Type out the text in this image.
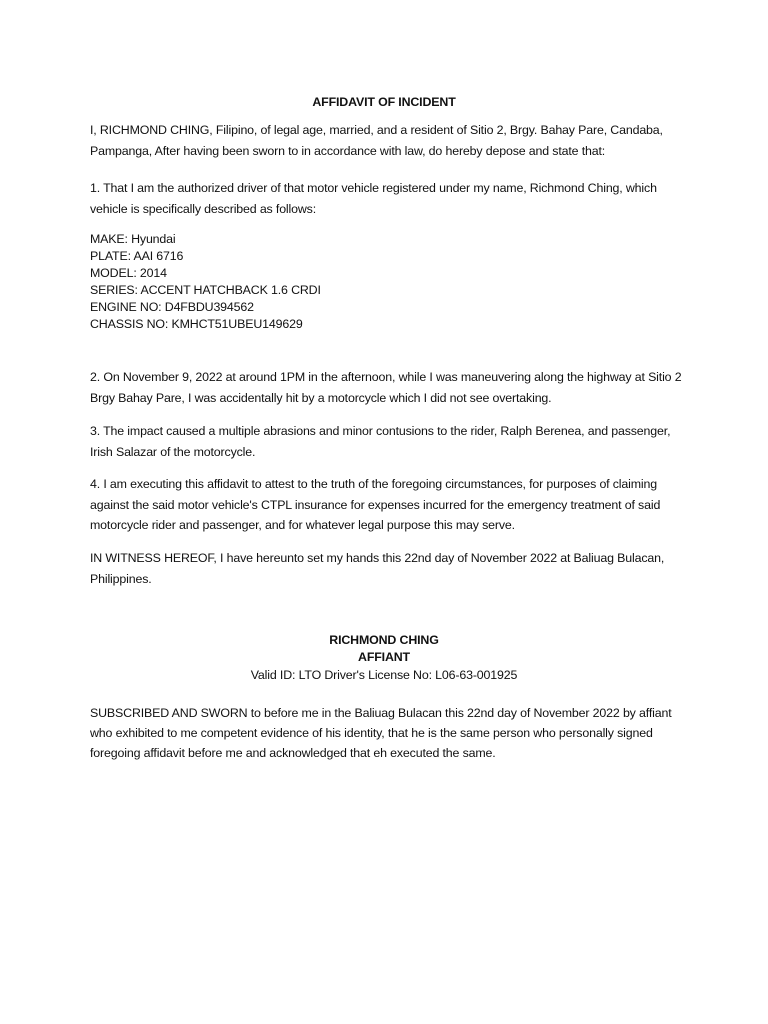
AFFIDAVIT OF INCIDENT

I, RICHMOND CHING, Filipino, of legal age, married, and a resident of Sitio 2, Brgy. Bahay Pare, Candaba, Pampanga, After having been sworn to in accordance with law, do hereby depose and state that:

1. That I am the authorized driver of that motor vehicle registered under my name, Richmond Ching, which vehicle is specifically described as follows:

MAKE: Hyundai
PLATE: AAI 6716
MODEL: 2014
SERIES: ACCENT HATCHBACK 1.6 CRDI
ENGINE NO: D4FBDU394562
CHASSIS NO: KMHCT51UBEU149629

2. On November 9, 2022 at around 1PM in the afternoon, while I was maneuvering along the highway at Sitio 2 Brgy Bahay Pare, I was accidentally hit by a motorcycle which I did not see overtaking.

3. The impact caused a multiple abrasions and minor contusions to the rider, Ralph Berenea, and passenger, Irish Salazar of the motorcycle.

4. I am executing this affidavit to attest to the truth of the foregoing circumstances, for purposes of claiming against the said motor vehicle's CTPL insurance for expenses incurred for the emergency treatment of said motorcycle rider and passenger, and for whatever legal purpose this may serve.

IN WITNESS HEREOF, I have hereunto set my hands this 22nd day of November 2022 at Baliuag Bulacan, Philippines.

RICHMOND CHING
AFFIANT
Valid ID: LTO Driver's License No: L06-63-001925

SUBSCRIBED AND SWORN to before me in the Baliuag Bulacan this 22nd day of November 2022 by affiant who exhibited to me competent evidence of his identity, that he is the same person who personally signed foregoing affidavit before me and acknowledged that eh executed the same.
